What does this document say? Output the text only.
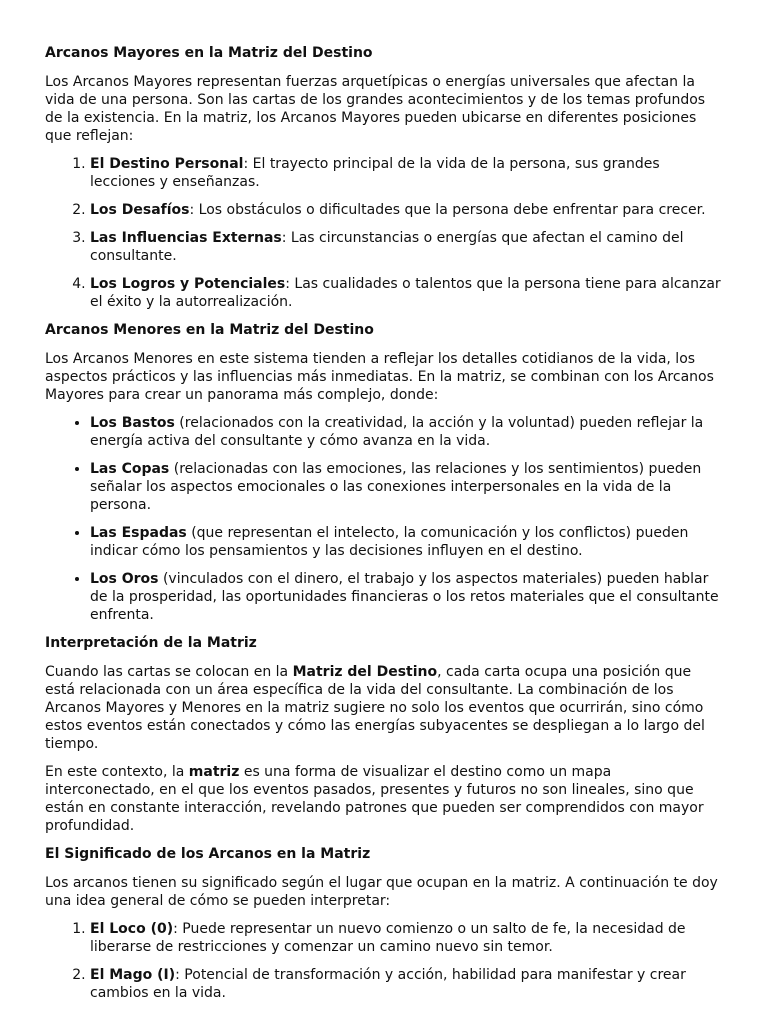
Arcanos Mayores en la Matriz del Destino

Los Arcanos Mayores representan fuerzas arquetípicas o energías universales que afectan la vida de una persona. Son las cartas de los grandes acontecimientos y de los temas profundos de la existencia. En la matriz, los Arcanos Mayores pueden ubicarse en diferentes posiciones que reflejan:

1. El Destino Personal: El trayecto principal de la vida de la persona, sus grandes lecciones y enseñanzas.
2. Los Desafíos: Los obstáculos o dificultades que la persona debe enfrentar para crecer.
3. Las Influencias Externas: Las circunstancias o energías que afectan el camino del consultante.
4. Los Logros y Potenciales: Las cualidades o talentos que la persona tiene para alcanzar el éxito y la autorrealización.
Arcanos Menores en la Matriz del Destino

Los Arcanos Menores en este sistema tienden a reflejar los detalles cotidianos de la vida, los aspectos prácticos y las influencias más inmediatas. En la matriz, se combinan con los Arcanos Mayores para crear un panorama más complejo, donde:

• Los Bastos (relacionados con la creatividad, la acción y la voluntad) pueden reflejar la energía activa del consultante y cómo avanza en la vida.
• Las Copas (relacionadas con las emociones, las relaciones y los sentimientos) pueden señalar los aspectos emocionales o las conexiones interpersonales en la vida de la persona.
• Las Espadas (que representan el intelecto, la comunicación y los conflictos) pueden indicar cómo los pensamientos y las decisiones influyen en el destino.
• Los Oros (vinculados con el dinero, el trabajo y los aspectos materiales) pueden hablar de la prosperidad, las oportunidades financieras o los retos materiales que el consultante enfrenta.
Interpretación de la Matriz

Cuando las cartas se colocan en la Matriz del Destino, cada carta ocupa una posición que está relacionada con un área específica de la vida del consultante. La combinación de los Arcanos Mayores y Menores en la matriz sugiere no solo los eventos que ocurrirán, sino cómo estos eventos están conectados y cómo las energías subyacentes se despliegan a lo largo del tiempo.

En este contexto, la matriz es una forma de visualizar el destino como un mapa interconectado, en el que los eventos pasados, presentes y futuros no son lineales, sino que están en constante interacción, revelando patrones que pueden ser comprendidos con mayor profundidad.

El Significado de los Arcanos en la Matriz

Los arcanos tienen su significado según el lugar que ocupan en la matriz. A continuación te doy una idea general de cómo se pueden interpretar:

1. El Loco (0): Puede representar un nuevo comienzo o un salto de fe, la necesidad de liberarse de restricciones y comenzar un camino nuevo sin temor.
2. El Mago (I): Potencial de transformación y acción, habilidad para manifestar y crear cambios en la vida.
